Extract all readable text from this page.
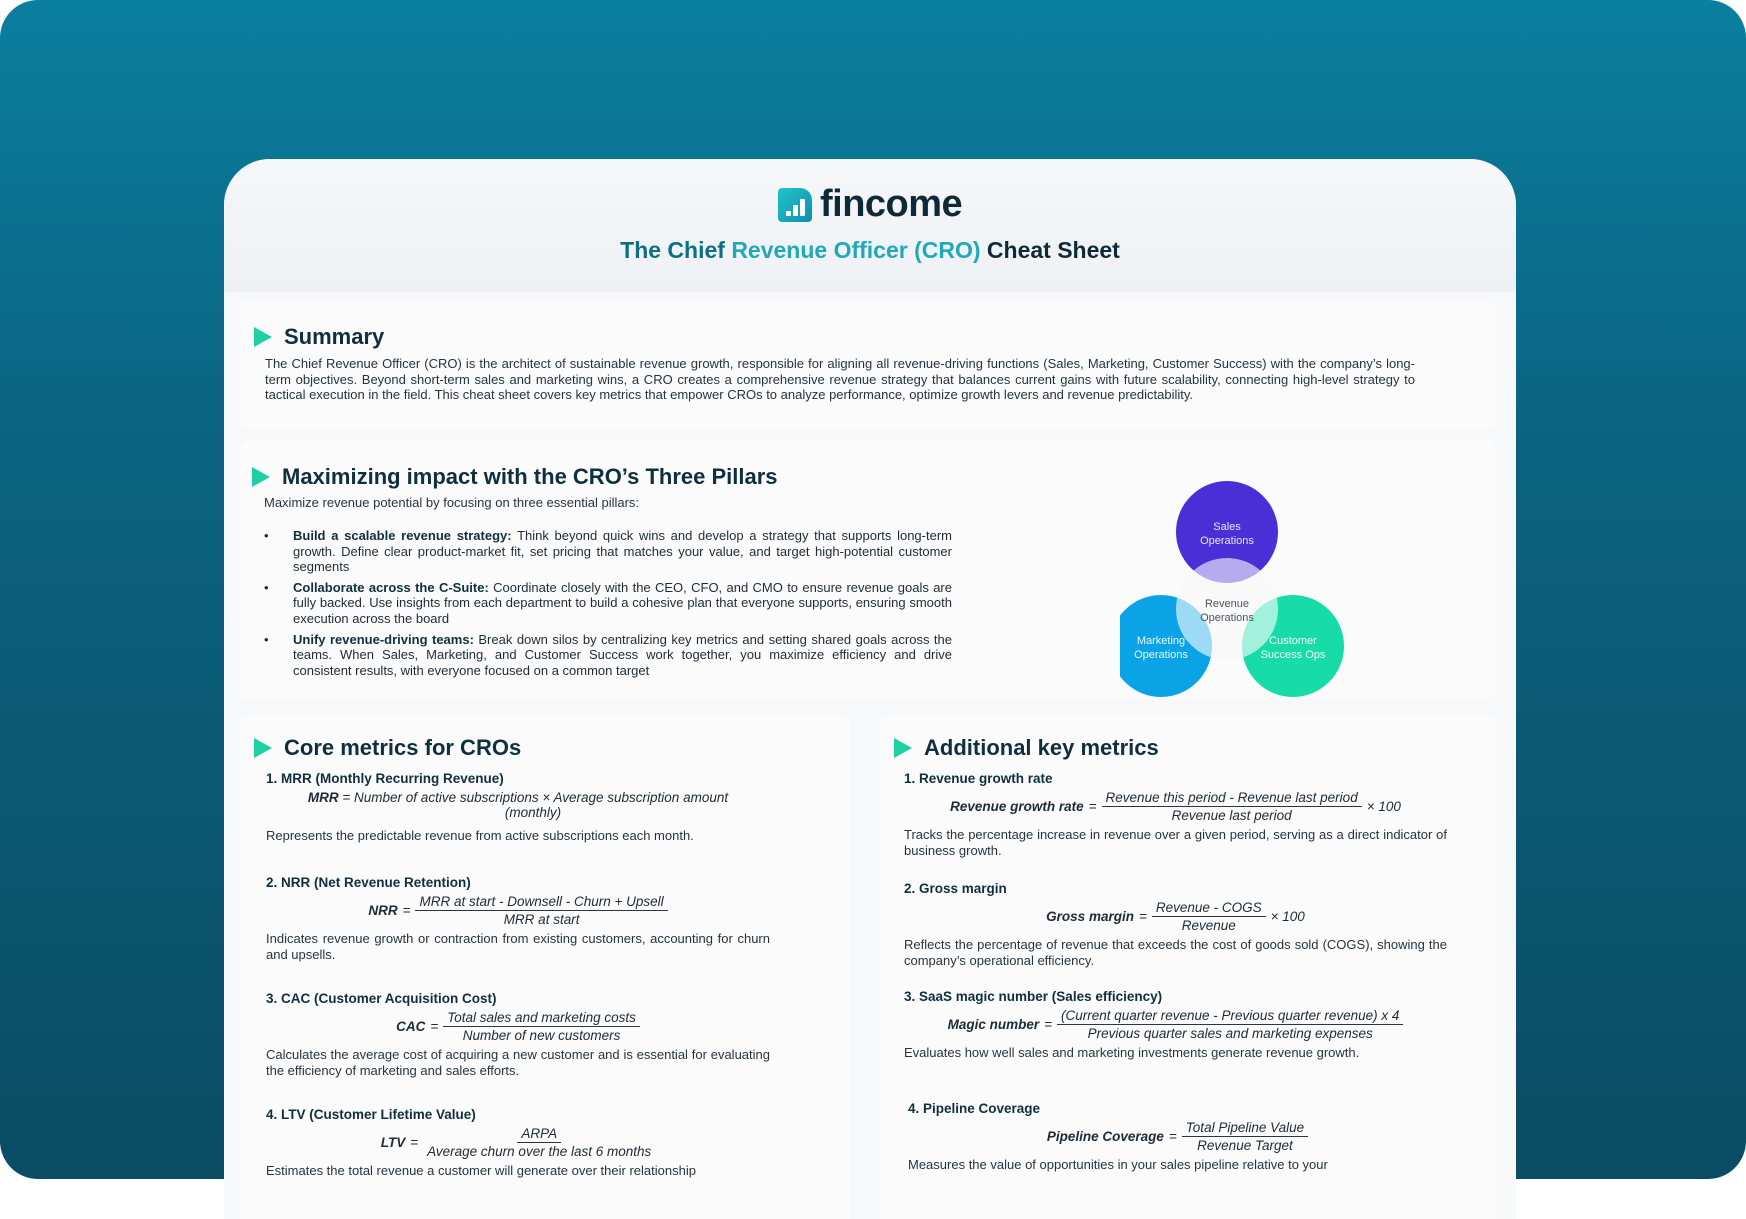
fincome
The Chief Revenue Officer (CRO) Cheat Sheet
Summary
The Chief Revenue Officer (CRO) is the architect of sustainable revenue growth, responsible for aligning all revenue-driving functions (Sales, Marketing, Customer Success) with the company’s long-term objectives. Beyond short-term sales and marketing wins, a CRO creates a comprehensive revenue strategy that balances current gains with future scalability, connecting high-level strategy to tactical execution in the field. This cheat sheet covers key metrics that empower CROs to analyze performance, optimize growth levers and revenue predictability.
Maximizing impact with the CRO’s Three Pillars
Maximize revenue potential by focusing on three essential pillars:
• Build a scalable revenue strategy: Think beyond quick wins and develop a strategy that supports long-term growth. Define clear product-market fit, set pricing that matches your value, and target high-potential customer segments
• Collaborate across the C-Suite: Coordinate closely with the CEO, CFO, and CMO to ensure revenue goals are fully backed. Use insights from each department to build a cohesive plan that everyone supports, ensuring smooth execution across the board
• Unify revenue-driving teams: Break down silos by centralizing key metrics and setting shared goals across the teams. When Sales, Marketing, and Customer Success work together, you maximize efficiency and drive consistent results, with everyone focused on a common target
Sales
Operations
Revenue
Operations
Marketing
Operations
Customer
Success Ops
Core metrics for CROs
1. MRR (Monthly Recurring Revenue)
MRR = Number of active subscriptions × Average subscription amount
(monthly)
Represents the predictable revenue from active subscriptions each month.
2. NRR (Net Revenue Retention)
NRR = $\frac{\text{MRR at start - Downsell - Churn + Upsell}}{\text{MRR at start}}$
Indicates revenue growth or contraction from existing customers, accounting for churn and upsells.
3. CAC (Customer Acquisition Cost)
CAC = $\frac{\text{Total sales and marketing costs}}{\text{Number of new customers}}$
Calculates the average cost of acquiring a new customer and is essential for evaluating the efficiency of marketing and sales efforts.
4. LTV (Customer Lifetime Value)
LTV = $\frac{\text{ARPA}}{\text{Average churn over the last 6 months}}$
Estimates the total revenue a customer will generate over their relationship
Additional key metrics
1. Revenue growth rate
Revenue growth rate = $\frac{\text{Revenue this period - Revenue last period}}{\text{Revenue last period}} \times 100$
Tracks the percentage increase in revenue over a given period, serving as a direct indicator of business growth.
2. Gross margin
Gross margin = $\frac{\text{Revenue - COGS}}{\text{Revenue}} \times 100$
Reflects the percentage of revenue that exceeds the cost of goods sold (COGS), showing the company’s operational efficiency.
3. SaaS magic number (Sales efficiency)
Magic number = $\frac{\text{(Current quarter revenue - Previous quarter revenue) x 4}}{\text{Previous quarter sales and marketing expenses}}$
Evaluates how well sales and marketing investments generate revenue growth.
4. Pipeline Coverage
Pipeline Coverage = $\frac{\text{Total Pipeline Value}}{\text{Revenue Target}}$
Measures the value of opportunities in your sales pipeline relative to your
